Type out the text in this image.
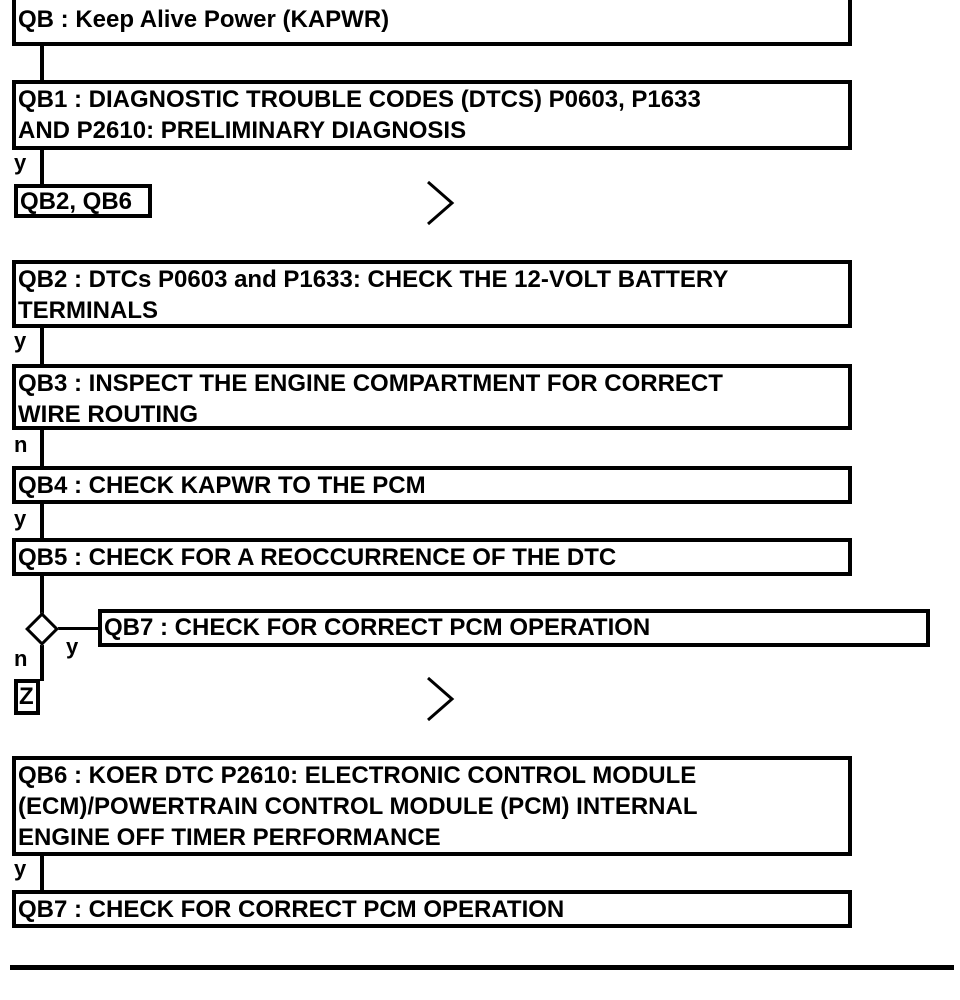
QB : Keep Alive Power (KAPWR)
QB1 : DIAGNOSTIC TROUBLE CODES (DTCS) P0603, P1633
AND P2610: PRELIMINARY DIAGNOSIS
y
QB2, QB6
QB2 : DTCs P0603 and P1633: CHECK THE 12-VOLT BATTERY
TERMINALS
y
QB3 : INSPECT THE ENGINE COMPARTMENT FOR CORRECT
WIRE ROUTING
n
QB4 : CHECK KAPWR TO THE PCM
y
QB5 : CHECK FOR A REOCCURRENCE OF THE DTC
y
n
QB7 : CHECK FOR CORRECT PCM OPERATION
Z
QB6 : KOER DTC P2610: ELECTRONIC CONTROL MODULE
(ECM)/POWERTRAIN CONTROL MODULE (PCM) INTERNAL
ENGINE OFF TIMER PERFORMANCE
y
QB7 : CHECK FOR CORRECT PCM OPERATION
